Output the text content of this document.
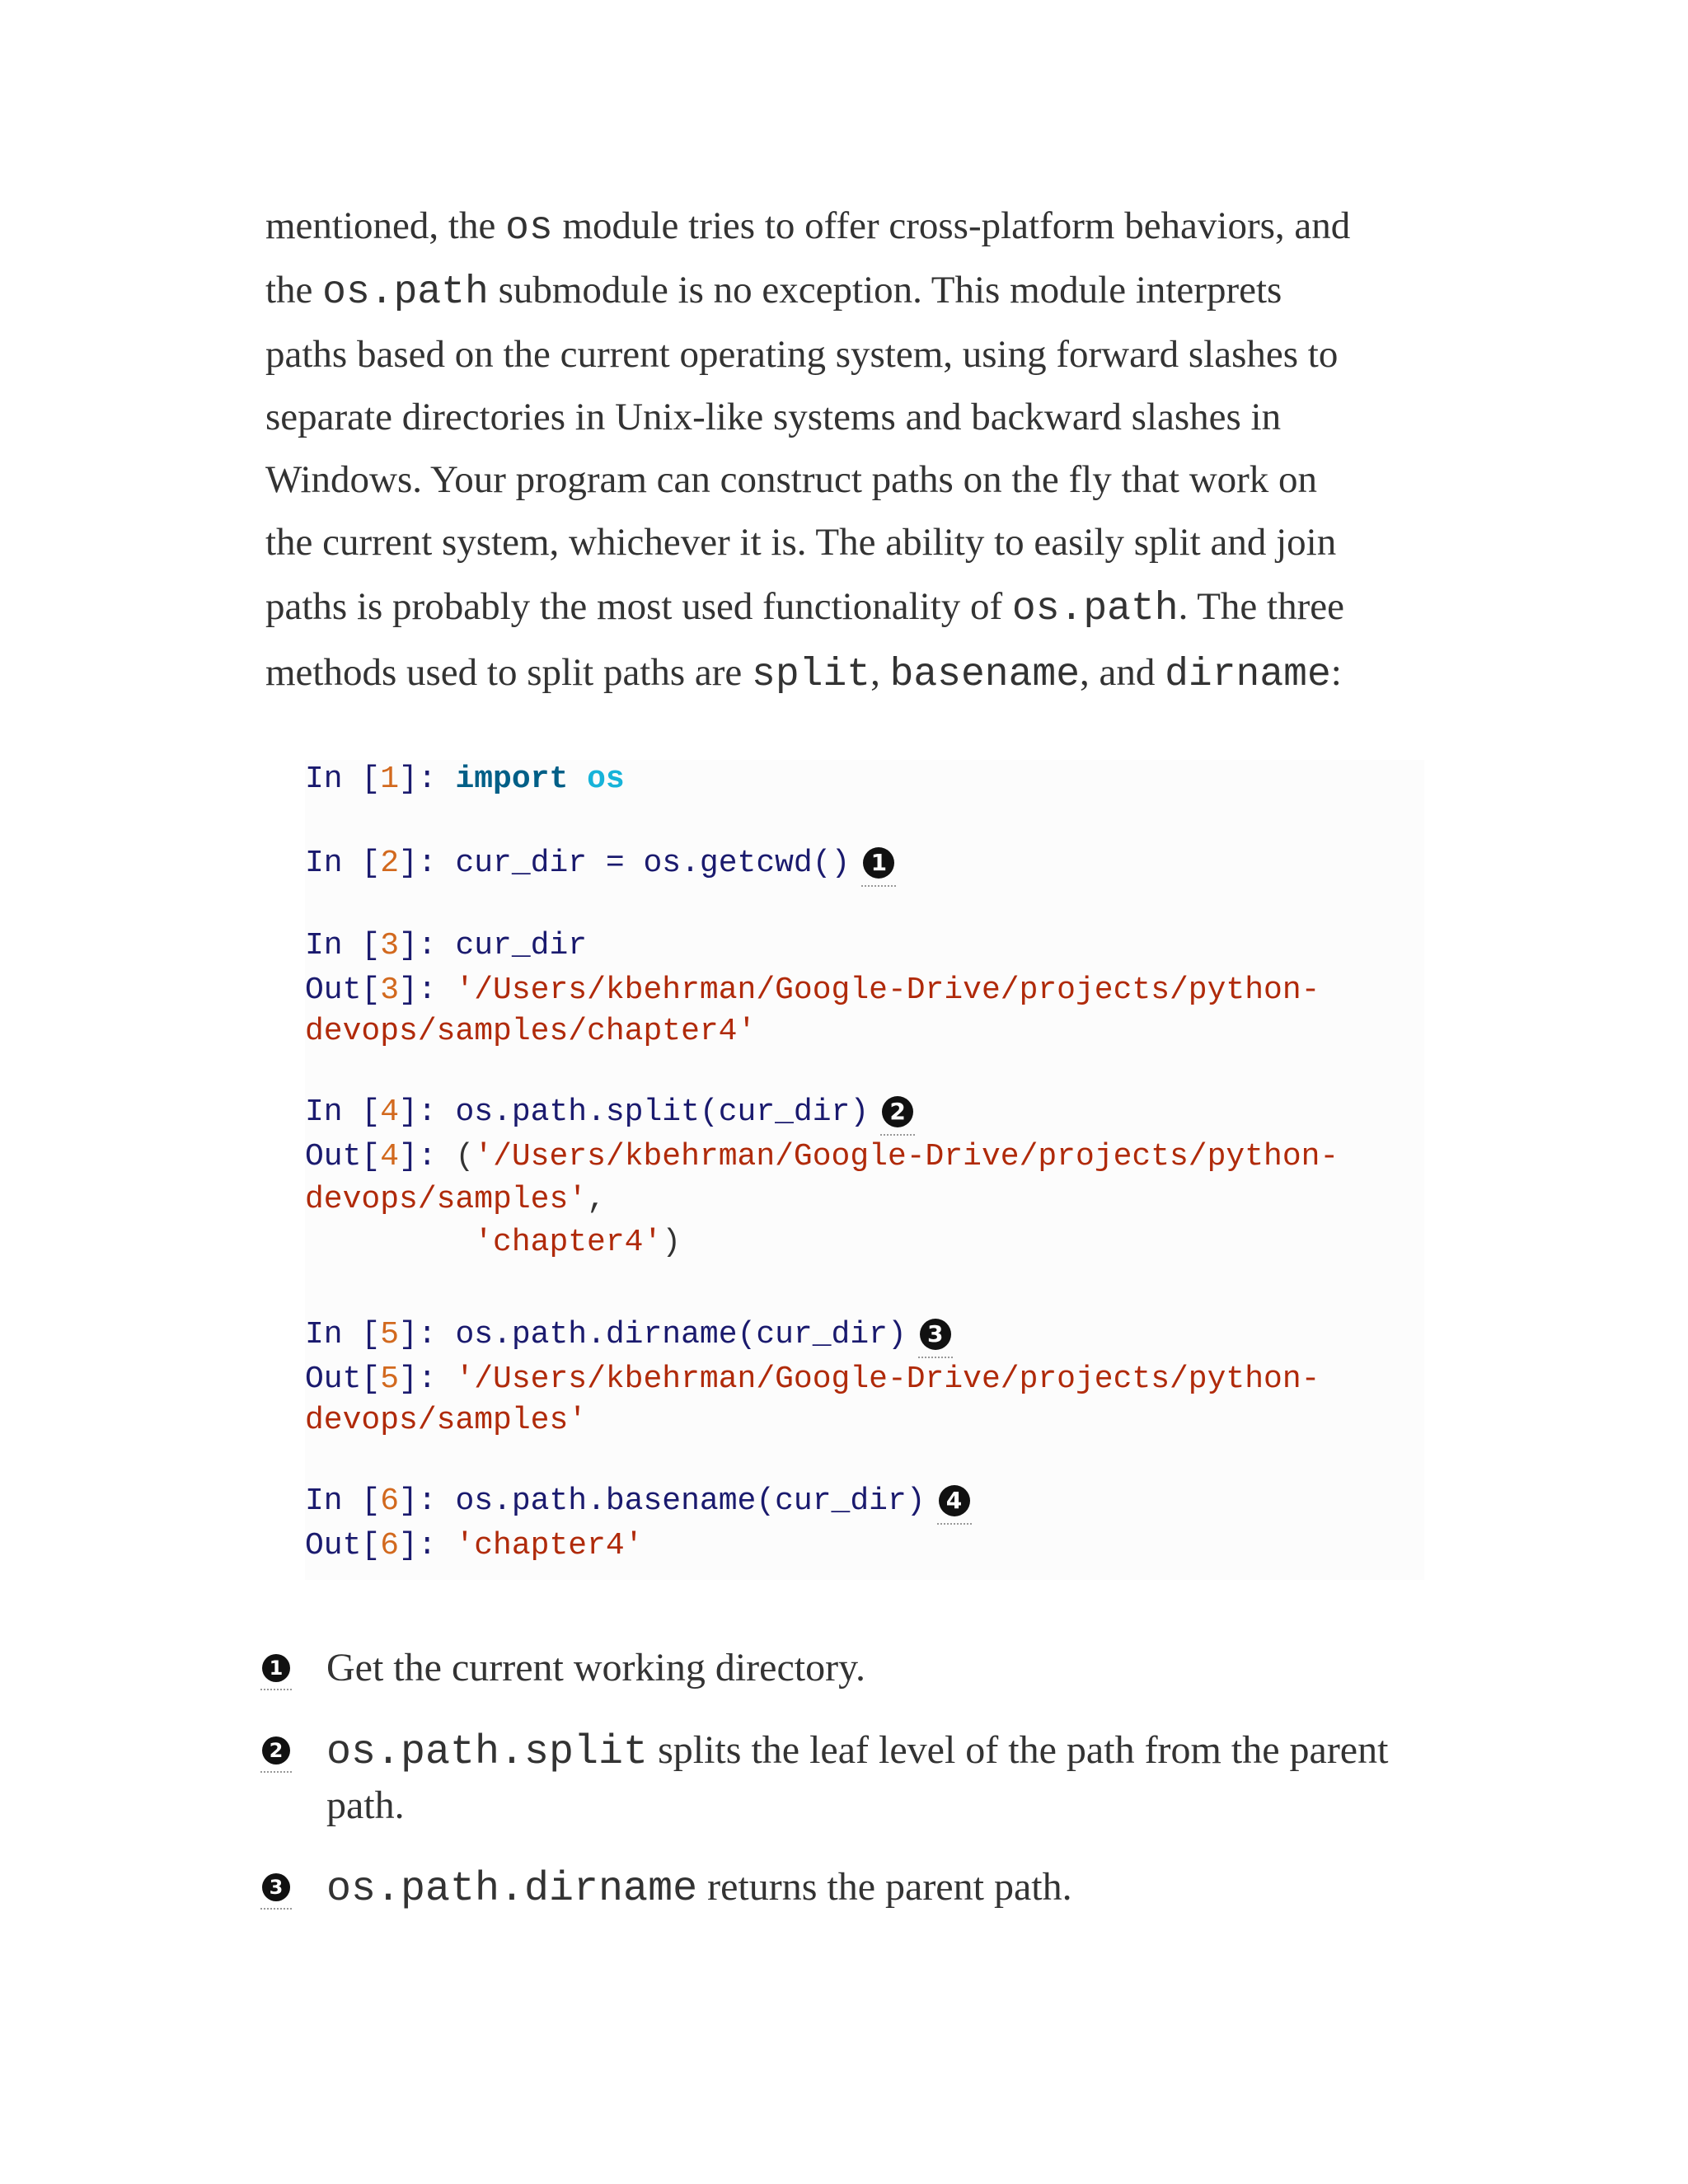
mentioned, the os module tries to offer cross-platform behaviors, and
the os.path submodule is no exception. This module interprets
paths based on the current operating system, using forward slashes to
separate directories in Unix-like systems and backward slashes in
Windows. Your program can construct paths on the fly that work on
the current system, whichever it is. The ability to easily split and join
paths is probably the most used functionality of os.path. The three
methods used to split paths are split, basename, and dirname:
In [1]: import os
In [2]: cur_dir = os.getcwd() 1
In [3]: cur_dir
Out[3]: '/Users/kbehrman/Google-Drive/projects/python-
devops/samples/chapter4'
In [4]: os.path.split(cur_dir) 2
Out[4]: ('/Users/kbehrman/Google-Drive/projects/python-
devops/samples',
'chapter4')
In [5]: os.path.dirname(cur_dir) 3
Out[5]: '/Users/kbehrman/Google-Drive/projects/python-
devops/samples'
In [6]: os.path.basename(cur_dir) 4
Out[6]: 'chapter4'
1 Get the current working directory.
2 os.path.split splits the leaf level of the path from the parent
path.
3 os.path.dirname returns the parent path.
